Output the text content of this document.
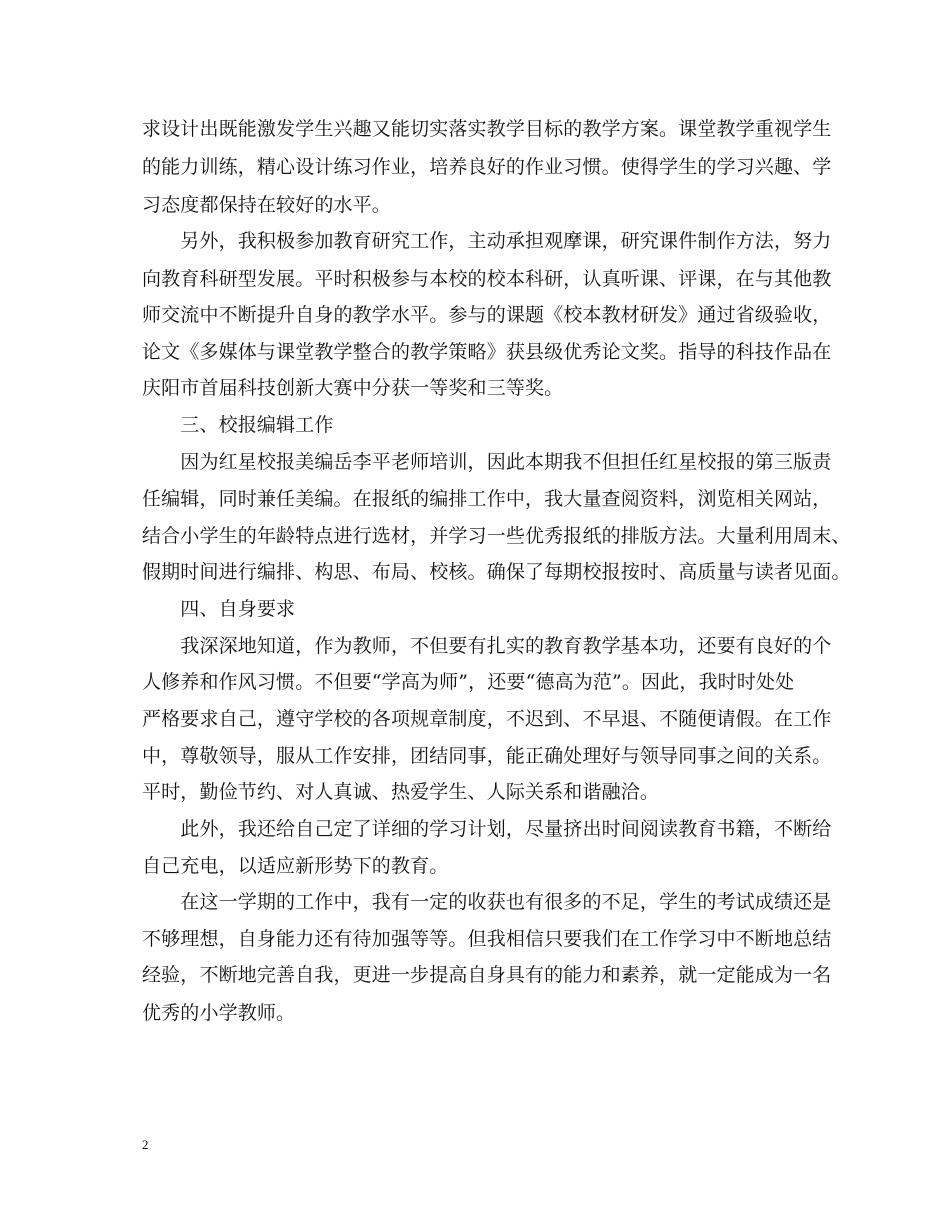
求设计出既能激发学生兴趣又能切实落实教学目标的教学方案。课堂教学重视学生
的能力训练，精心设计练习作业，培养良好的作业习惯。使得学生的学习兴趣、学
习态度都保持在较好的水平。
　　另外，我积极参加教育研究工作，主动承担观摩课，研究课件制作方法，努力
向教育科研型发展。平时积极参与本校的校本科研，认真听课、评课，在与其他教
师交流中不断提升自身的教学水平。参与的课题《校本教材研发》通过省级验收，
论文《多媒体与课堂教学整合的教学策略》获县级优秀论文奖。指导的科技作品在
庆阳市首届科技创新大赛中分获一等奖和三等奖。
　　三、校报编辑工作
　　因为红星校报美编岳李平老师培训，因此本期我不但担任红星校报的第三版责
任编辑，同时兼任美编。在报纸的编排工作中，我大量查阅资料，浏览相关网站，
结合小学生的年龄特点进行选材，并学习一些优秀报纸的排版方法。大量利用周末、
假期时间进行编排、构思、布局、校核。确保了每期校报按时、高质量与读者见面。
　　四、自身要求
　　我深深地知道，作为教师，不但要有扎实的教育教学基本功，还要有良好的个
人修养和作风习惯。不但要“学高为师”，还要“德高为范”。因此，我时时处处
严格要求自己，遵守学校的各项规章制度，不迟到、不早退、不随便请假。在工作
中，尊敬领导，服从工作安排，团结同事，能正确处理好与领导同事之间的关系。
平时，勤俭节约、对人真诚、热爱学生、人际关系和谐融洽。
　　此外，我还给自己定了详细的学习计划，尽量挤出时间阅读教育书籍，不断给
自己充电，以适应新形势下的教育。
　　在这一学期的工作中，我有一定的收获也有很多的不足，学生的考试成绩还是
不够理想，自身能力还有待加强等等。但我相信只要我们在工作学习中不断地总结
经验，不断地完善自我，更进一步提高自身具有的能力和素养，就一定能成为一名
优秀的小学教师。
2
